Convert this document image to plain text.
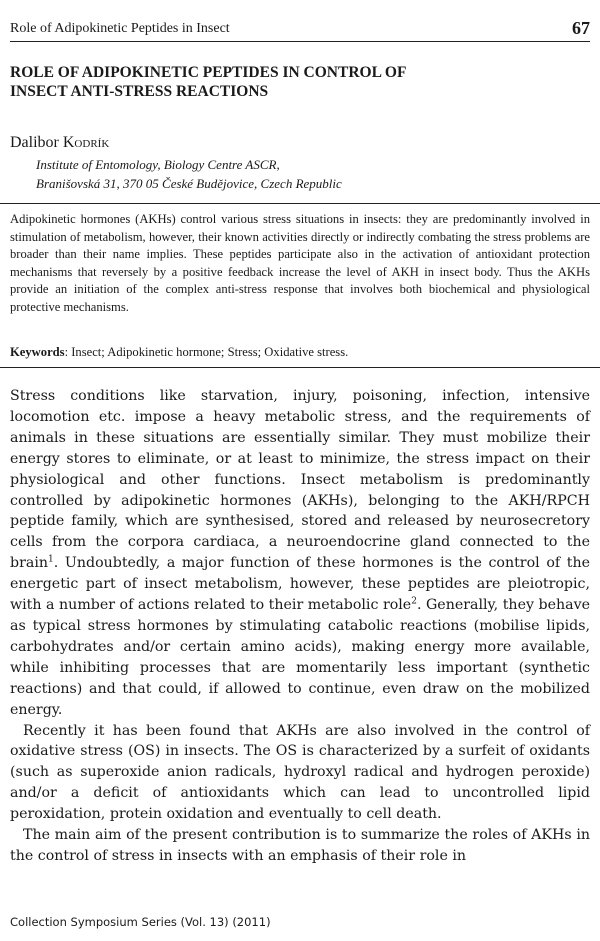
Role of Adipokinetic Peptides in Insect	67
ROLE OF ADIPOKINETIC PEPTIDES IN CONTROL OF
INSECT ANTI-STRESS REACTIONS
Dalibor Kodrík
Institute of Entomology, Biology Centre ASCR,
Branišovská 31, 370 05 České Budějovice, Czech Republic

Adipokinetic hormones (AKHs) control various stress situations in insects: they are predominantly involved in stimulation of metabolism, however, their known activities directly or indirectly combating the stress problems are broader than their name implies. These peptides participate also in the activation of antioxidant protection mechanisms that reversely by a positive feedback increase the level of AKH in insect body. Thus the AKHs provide an initiation of the complex anti-stress response that involves both biochemical and physiological protective mechanisms.

Keywords: Insect; Adipokinetic hormone; Stress; Oxidative stress.

Stress conditions like starvation, injury, poisoning, infection, intensive locomotion etc. impose a heavy metabolic stress, and the requirements of animals in these situations are essentially similar. They must mobilize their energy stores to eliminate, or at least to minimize, the stress impact on their physiological and other functions. Insect metabolism is predominantly controlled by adipokinetic hormones (AKHs), belonging to the AKH/RPCH peptide family, which are synthesised, stored and released by neurosecretory cells from the corpora cardiaca, a neuroendocrine gland connected to the brain$^1$. Undoubtedly, a major function of these hormones is the control of the energetic part of insect metabolism, however, these peptides are pleiotropic, with a number of actions related to their metabolic role$^2$. Generally, they behave as typical stress hormones by stimulating catabolic reactions (mobilise lipids, carbohydrates and/or certain amino acids), making energy more available, while inhibiting processes that are momentarily less important (synthetic reactions) and that could, if allowed to continue, even draw on the mobilized energy.

Recently it has been found that AKHs are also involved in the control of oxidative stress (OS) in insects. The OS is characterized by a surfeit of oxidants (such as superoxide anion radicals, hydroxyl radical and hydrogen peroxide) and/or a deficit of antioxidants which can lead to uncontrolled lipid peroxidation, protein oxidation and eventually to cell death.

The main aim of the present contribution is to summarize the roles of AKHs in the control of stress in insects with an emphasis of their role in

Collection Symposium Series (Vol. 13) (2011)
